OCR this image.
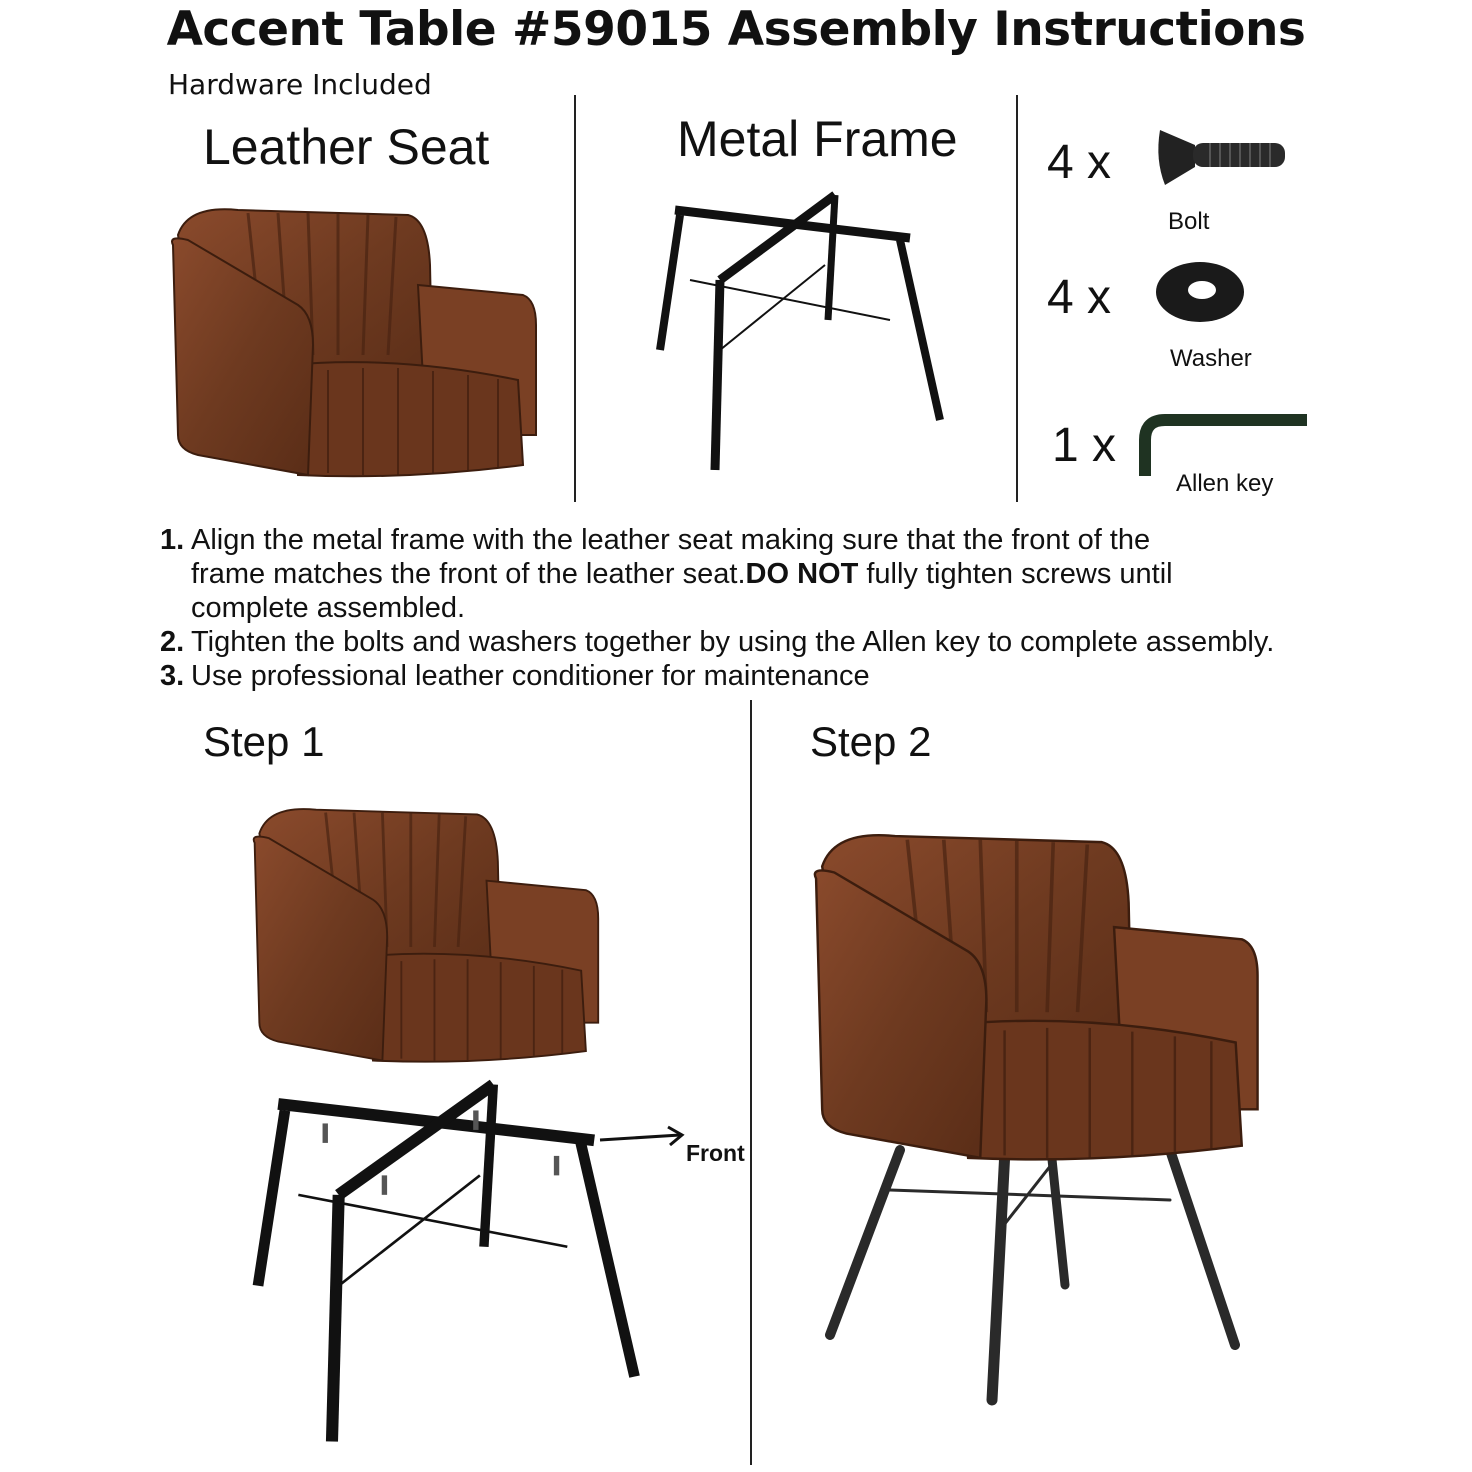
Accent Table #59015 Assembly Instructions
Hardware Included
Leather Seat	Metal Frame 4 x
Bolt
4 x
Washer
1 x
Allen key
1. Align the metal frame with the leather seat making sure that the front of the frame matches the front of the leather seat.DO NOT fully tighten screws until complete assembled.
2. Tighten the bolts and washers together by using the Allen key to complete assembly.
3. Use professional leather conditioner for maintenance
Step 1
Front
Step 2
